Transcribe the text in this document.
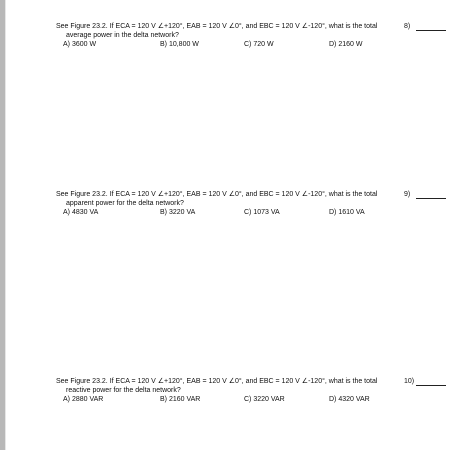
See Figure 23.2. If ECA = 120 V ∠+120°, EAB = 120 V ∠0°, and EBC = 120 V ∠-120°, what is the total	8)
average power in the delta network?
A) 3600 W	B) 10,800 W	C) 720 W	D) 2160 W
See Figure 23.2. If ECA = 120 V ∠+120°, EAB = 120 V ∠0°, and EBC = 120 V ∠-120°, what is the total	9)
apparent power for the delta network?
A) 4830 VA	B) 3220 VA	C) 1073 VA	D) 1610 VA
See Figure 23.2. If ECA = 120 V ∠+120°, EAB = 120 V ∠0°, and EBC = 120 V ∠-120°, what is the total	10)
reactive power for the delta network?
A) 2880 VAR	B) 2160 VAR	C) 3220 VAR	D) 4320 VAR
